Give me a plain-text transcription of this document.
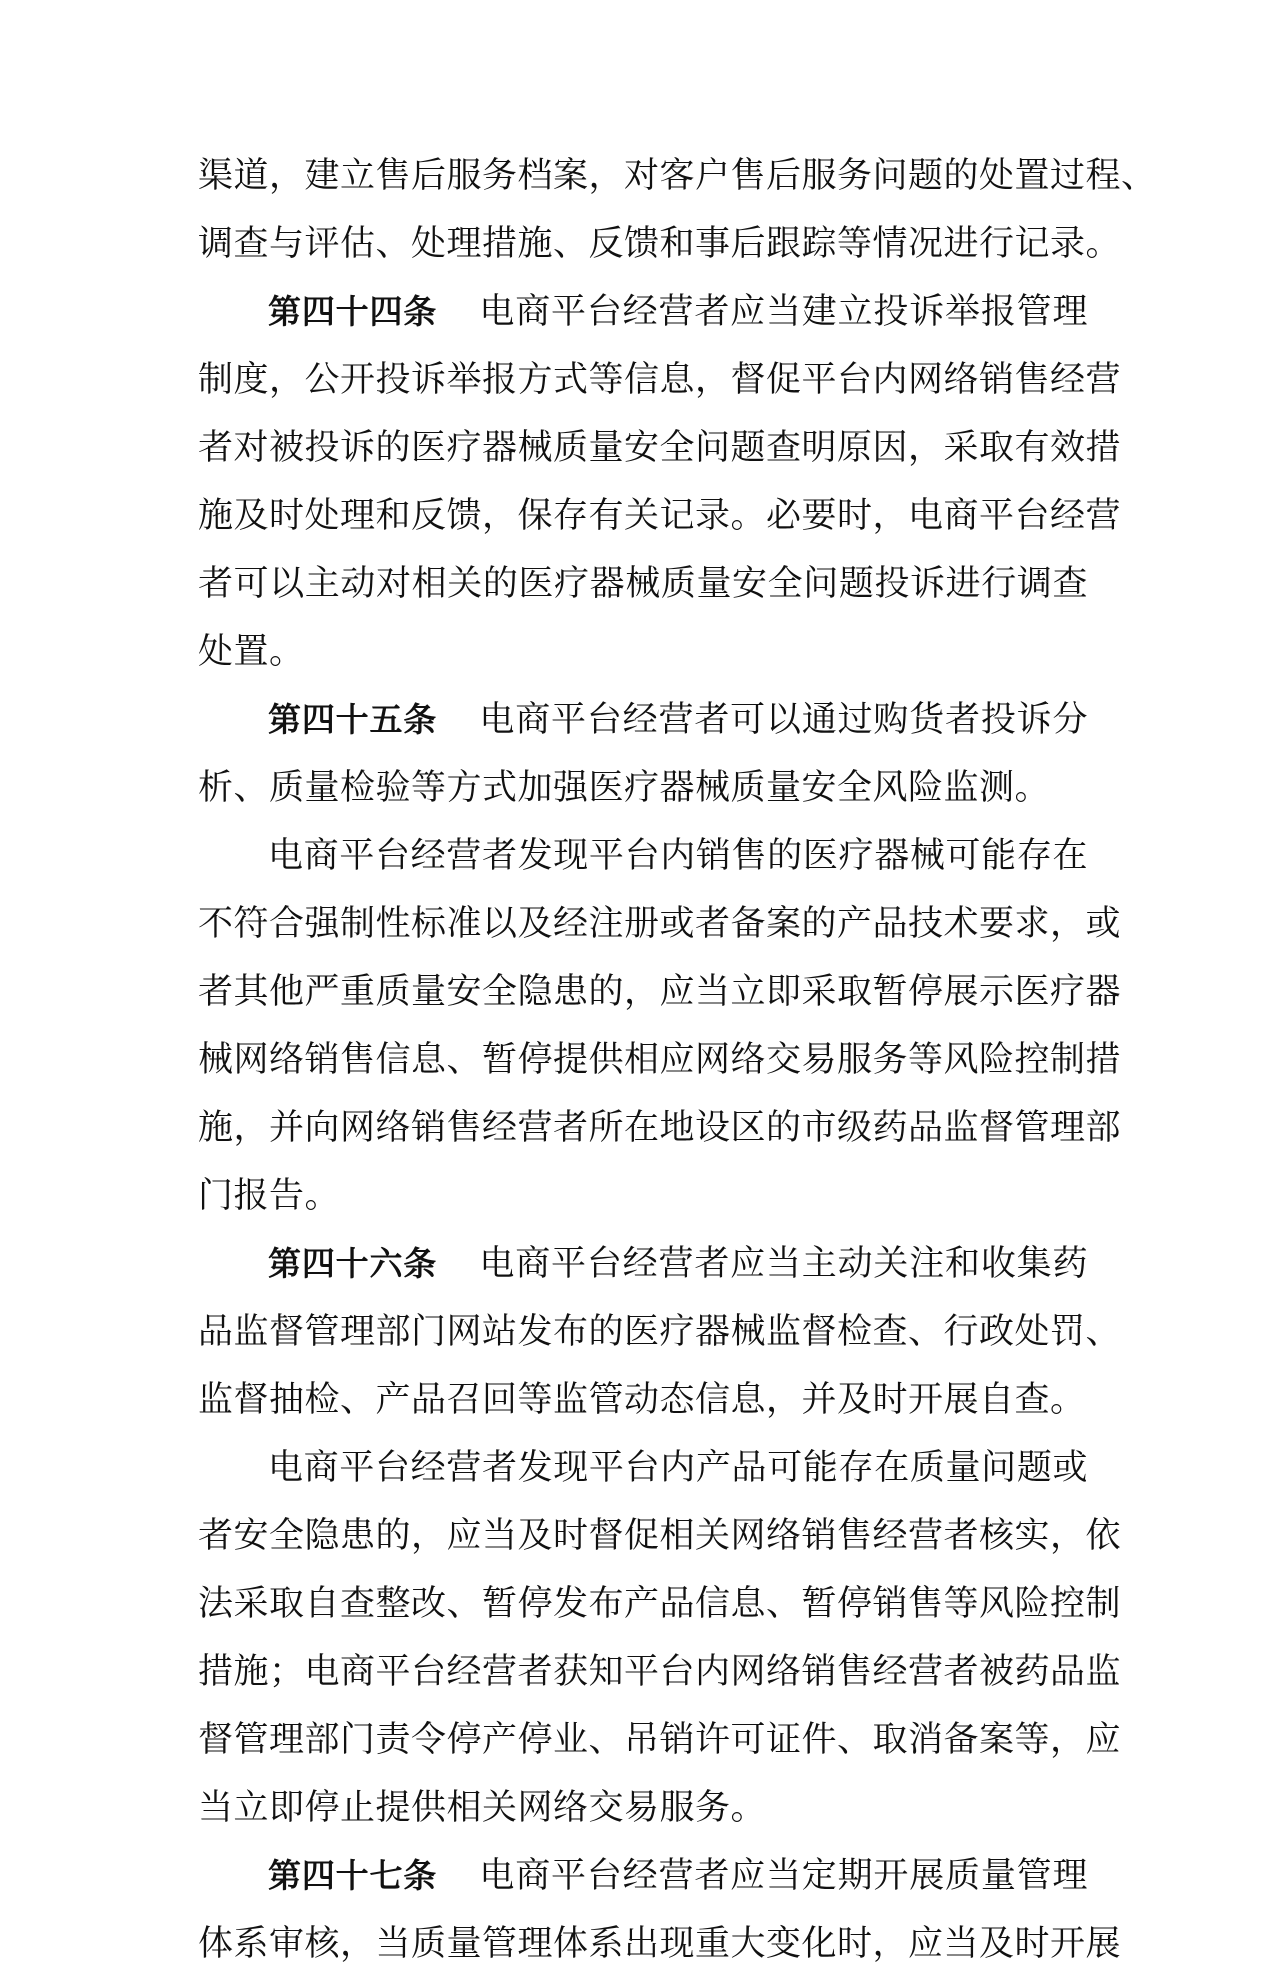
渠道，建立售后服务档案，对客户售后服务问题的处置过程、
调查与评估、处理措施、反馈和事后跟踪等情况进行记录。
第四十四条 电商平台经营者应当建立投诉举报管理
制度，公开投诉举报方式等信息，督促平台内网络销售经营
者对被投诉的医疗器械质量安全问题查明原因，采取有效措
施及时处理和反馈，保存有关记录。必要时，电商平台经营
者可以主动对相关的医疗器械质量安全问题投诉进行调查
处置。
第四十五条 电商平台经营者可以通过购货者投诉分
析、质量检验等方式加强医疗器械质量安全风险监测。
电商平台经营者发现平台内销售的医疗器械可能存在
不符合强制性标准以及经注册或者备案的产品技术要求，或
者其他严重质量安全隐患的，应当立即采取暂停展示医疗器
械网络销售信息、暂停提供相应网络交易服务等风险控制措
施，并向网络销售经营者所在地设区的市级药品监督管理部
门报告。
第四十六条 电商平台经营者应当主动关注和收集药
品监督管理部门网站发布的医疗器械监督检查、行政处罚、
监督抽检、产品召回等监管动态信息，并及时开展自查。
电商平台经营者发现平台内产品可能存在质量问题或
者安全隐患的，应当及时督促相关网络销售经营者核实，依
法采取自查整改、暂停发布产品信息、暂停销售等风险控制
措施；电商平台经营者获知平台内网络销售经营者被药品监
督管理部门责令停产停业、吊销许可证件、取消备案等，应
当立即停止提供相关网络交易服务。
第四十七条 电商平台经营者应当定期开展质量管理
体系审核，当质量管理体系出现重大变化时，应当及时开展
